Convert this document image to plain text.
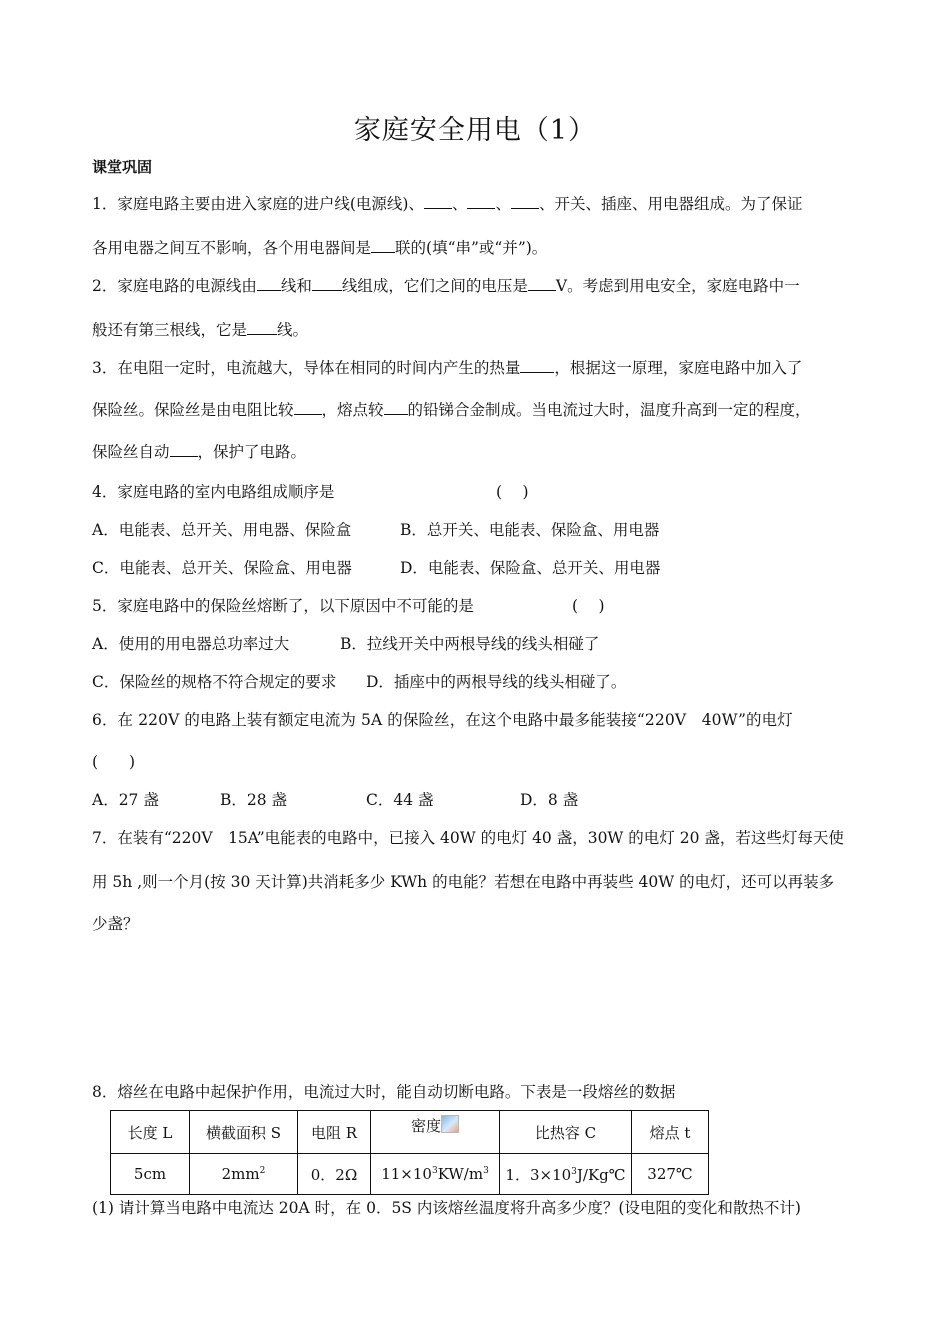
家庭安全用电（1）
课堂巩固
1．家庭电路主要由进入家庭的进户线(电源线)、 、 、 、开关、插座、用电器组成。为了保证
各用电器之间互不影响，各个用电器间是 联的(填“串”或“并”)。
2．家庭电路的电源线由 线和 线组成，它们之间的电压是 V。考虑到用电安全，家庭电路中一
般还有第三根线，它是 线。
3．在电阻一定时，电流越大，导体在相同的时间内产生的热量 ，根据这一原理，家庭电路中加入了
保险丝。保险丝是由电阻比较 ，熔点较 的铅锑合金制成。当电流过大时，温度升高到一定的程度，
保险丝自动 ，保护了电路。
4．家庭电路的室内电路组成顺序是	(　 )
A．电能表、总开关、用电器、保险盒	B．总开关、电能表、保险盒、用电器
C．电能表、总开关、保险盒、用电器	D．电能表、保险盒、总开关、用电器
5．家庭电路中的保险丝熔断了，以下原因中不可能的是	(　 )
A．使用的用电器总功率过大	B．拉线开关中两根导线的线头相碰了
C．保险丝的规格不符合规定的要求 D．插座中的两根导线的线头相碰了。
6．在 220V 的电路上装有额定电流为 5A 的保险丝，在这个电路中最多能装接“220V　40W”的电灯
(　　)
A．27 盏	B．28 盏	C．44 盏	D．8 盏
7．在装有“220V　15A”电能表的电路中，已接入 40W 的电灯 40 盏，30W 的电灯 20 盏，若这些灯每天使
用 5h ,则一个月(按 30 天计算)共消耗多少 KWh 的电能？若想在电路中再装些 40W 的电灯，还可以再装多
少盏？
8．熔丝在电路中起保护作用，电流过大时，能自动切断电路。下表是一段熔丝的数据
长度 L	横截面积 S	电阻 R	密度	比热容 C	熔点 t
5cm	$2mm^2$	0．2Ω	$11\times 10^3KW/m^3$	1．$3\times 10^3J/Kg℃$	327℃
(1) 请计算当电路中电流达 20A 时，在 0．5S 内该熔丝温度将升高多少度？(设电阻的变化和散热不计)
